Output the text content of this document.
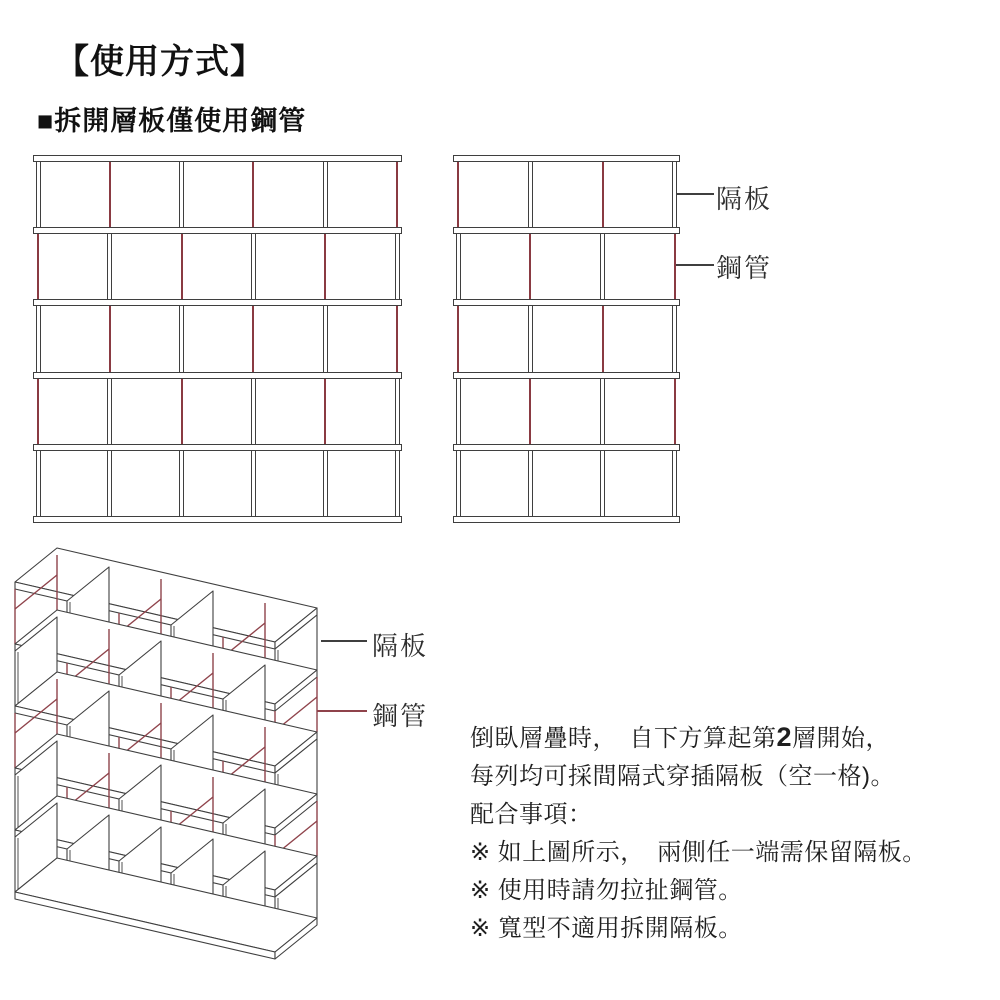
【使用方式】
■拆開層板僅使用鋼管
隔板
鋼管
隔板
鋼管
倒臥層疊時，　自下方算起第2層開始，
每列均可採間隔式穿插隔板（空一格)。
配合事項：
※ 如上圖所示，　兩側任一端需保留隔板。
※ 使用時請勿拉扯鋼管。
※ 寬型不適用拆開隔板。
